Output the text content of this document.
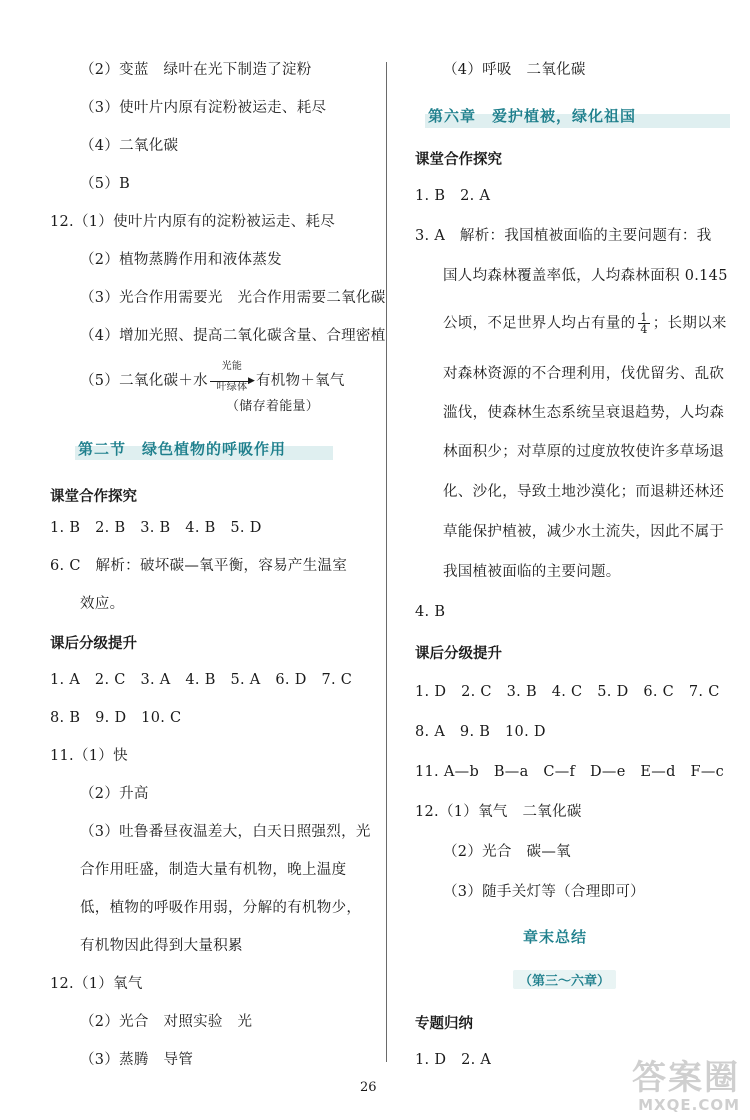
（2）变蓝　绿叶在光下制造了淀粉
（3）使叶片内原有淀粉被运走、耗尽
（4）二氧化碳
（5）B
12.（1）使叶片内原有的淀粉被运走、耗尽
（2）植物蒸腾作用和液体蒸发
（3）光合作用需要光　光合作用需要二氧化碳
（4）增加光照、提高二氧化碳含量、合理密植
（5）二氧化碳＋水
光能
▶
叶绿体 有机物＋氧气
（储存着能量）
第二节　绿色植物的呼吸作用
课堂合作探究
1. B　2. B　3. B　4. B　5. D
6. C　解析：破坏碳—氧平衡，容易产生温室
效应。
课后分级提升
1. A　2. C　3. A　4. B　5. A　6. D　7. C
8. B　9. D　10. C
11.（1）快
（2）升高
（3）吐鲁番昼夜温差大，白天日照强烈，光
合作用旺盛，制造大量有机物，晚上温度
低，植物的呼吸作用弱，分解的有机物少，
有机物因此得到大量积累
12.（1）氧气
（2）光合　对照实验　光
（3）蒸腾　导管
（4）呼吸　二氧化碳
第六章　爱护植被，绿化祖国
课堂合作探究
1. B　2. A
3. A　解析：我国植被面临的主要问题有：我
国人均森林覆盖率低，人均森林面积 0.145
公顷，不足世界人均占有量的 $\frac{1}{4}$ ；长期以来
对森林资源的不合理利用，伐优留劣、乱砍
滥伐，使森林生态系统呈衰退趋势，人均森
林面积少；对草原的过度放牧使许多草场退
化、沙化，导致土地沙漠化；而退耕还林还
草能保护植被，减少水土流失，因此不属于
我国植被面临的主要问题。
4. B
课后分级提升
1. D　2. C　3. B　4. C　5. D　6. C　7. C
8. A　9. B　10. D
11. A—b　B—a　C—f　D—e　E—d　F—c
12.（1）氧气　二氧化碳
（2）光合　碳—氧
（3）随手关灯等（合理即可）
章末总结
（第三～六章）
专题归纳
1. D　2. A
26	答案圈
MXQE.COM
